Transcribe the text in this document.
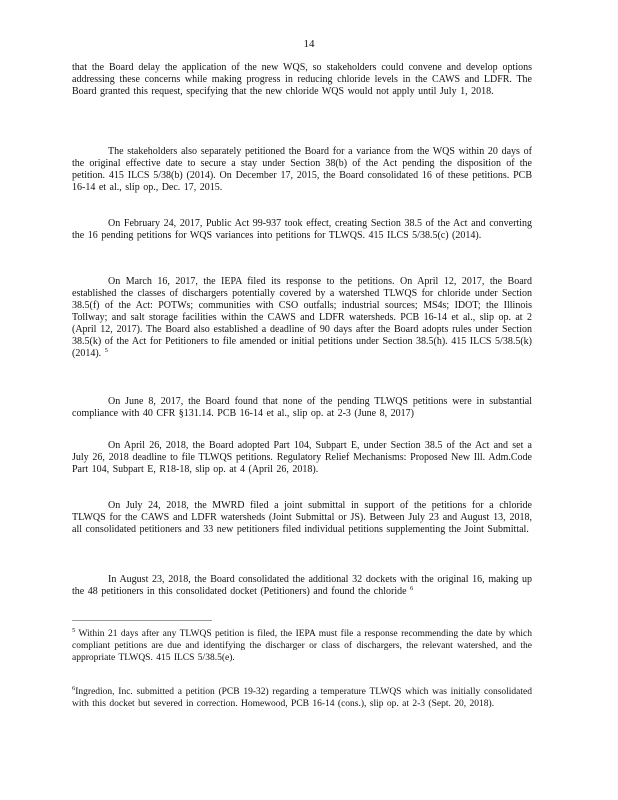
14

that the Board delay the application of the new WQS, so stakeholders could convene and develop options addressing these concerns while making progress in reducing chloride levels in the CAWS and LDFR. The Board granted this request, specifying that the new chloride WQS would not apply until July 1, 2018.

The stakeholders also separately petitioned the Board for a variance from the WQS within 20 days of the original effective date to secure a stay under Section 38(b) of the Act pending the disposition of the petition. 415 ILCS 5/38(b) (2014). On December 17, 2015, the Board consolidated 16 of these petitions. PCB 16-14 et al., slip op., Dec. 17, 2015.

On February 24, 2017, Public Act 99-937 took effect, creating Section 38.5 of the Act and converting the 16 pending petitions for WQS variances into petitions for TLWQS. 415 ILCS 5/38.5(c) (2014).

On March 16, 2017, the IEPA filed its response to the petitions. On April 12, 2017, the Board established the classes of dischargers potentially covered by a watershed TLWQS for chloride under Section 38.5(f) of the Act: POTWs; communities with CSO outfalls; industrial sources; MS4s; IDOT; the Illinois Tollway; and salt storage facilities within the CAWS and LDFR watersheds. PCB 16-14 et al., slip op. at 2 (April 12, 2017). The Board also established a deadline of 90 days after the Board adopts rules under Section 38.5(k) of the Act for Petitioners to file amended or initial petitions under Section 38.5(h). 415 ILCS 5/38.5(k) (2014). $^5$

On June 8, 2017, the Board found that none of the pending TLWQS petitions were in substantial compliance with 40 CFR §131.14. PCB 16-14 et al., slip op. at 2-3 (June 8, 2017)

On April 26, 2018, the Board adopted Part 104, Subpart E, under Section 38.5 of the Act and set a July 26, 2018 deadline to file TLWQS petitions. Regulatory Relief Mechanisms: Proposed New Ill. Adm.Code Part 104, Subpart E, R18-18, slip op. at 4 (April 26, 2018).

On July 24, 2018, the MWRD filed a joint submittal in support of the petitions for a chloride TLWQS for the CAWS and LDFR watersheds (Joint Submittal or JS). Between July 23 and August 13, 2018, all consolidated petitioners and 33 new petitioners filed individual petitions supplementing the Joint Submittal.

In August 23, 2018, the Board consolidated the additional 32 dockets with the original 16, making up the 48 petitioners in this consolidated docket (Petitioners) and found the chloride $^6$

$^5$ Within 21 days after any TLWQS petition is filed, the IEPA must file a response recommending the date by which compliant petitions are due and identifying the discharger or class of dischargers, the relevant watershed, and the appropriate TLWQS. 415 ILCS 5/38.5(e).

$^6$Ingredion, Inc. submitted a petition (PCB 19-32) regarding a temperature TLWQS which was initially consolidated with this docket but severed in correction. Homewood, PCB 16-14 (cons.), slip op. at 2-3 (Sept. 20, 2018).
